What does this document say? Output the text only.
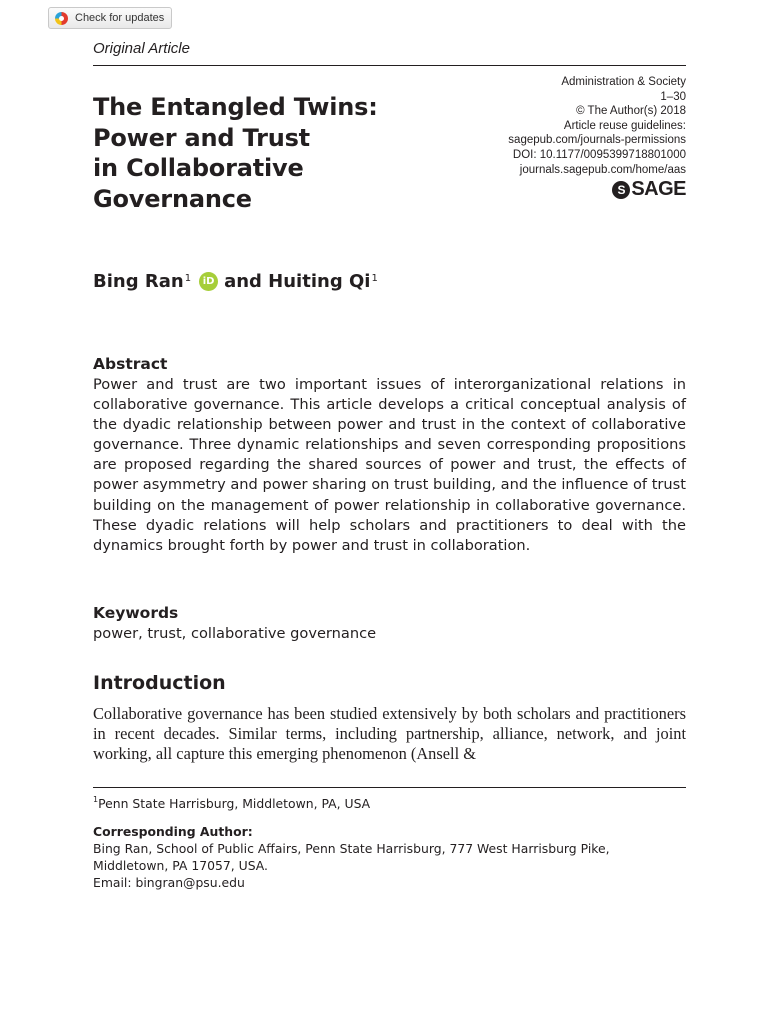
Check for updates
Original Article
Administration & Society
1–30
© The Author(s) 2018
Article reuse guidelines:
sagepub.com/journals-permissions
DOI: 10.1177/0095399718801000
journals.sagepub.com/home/aas
S SAGE
The Entangled Twins:
Power and Trust
in Collaborative
Governance
Bing Ran$^1$	iD and Huiting Qi$^1$
Abstract
Power and trust are two important issues of interorganizational relations in collaborative governance. This article develops a critical conceptual analysis of the dyadic relationship between power and trust in the context of collaborative governance. Three dynamic relationships and seven corresponding propositions are proposed regarding the shared sources of power and trust, the effects of power asymmetry and power sharing on trust building, and the influence of trust building on the management of power relationship in collaborative governance. These dyadic relations will help scholars and practitioners to deal with the dynamics brought forth by power and trust in collaboration.
Keywords
power, trust, collaborative governance
Introduction
Collaborative governance has been studied extensively by both scholars and practitioners in recent decades. Similar terms, including partnership, alliance, network, and joint working, all capture this emerging phenomenon (Ansell &
$^1$Penn State Harrisburg, Middletown, PA, USA
Corresponding Author:
Bing Ran, School of Public Affairs, Penn State Harrisburg, 777 West Harrisburg Pike,
Middletown, PA 17057, USA.
Email: bingran@psu.edu
